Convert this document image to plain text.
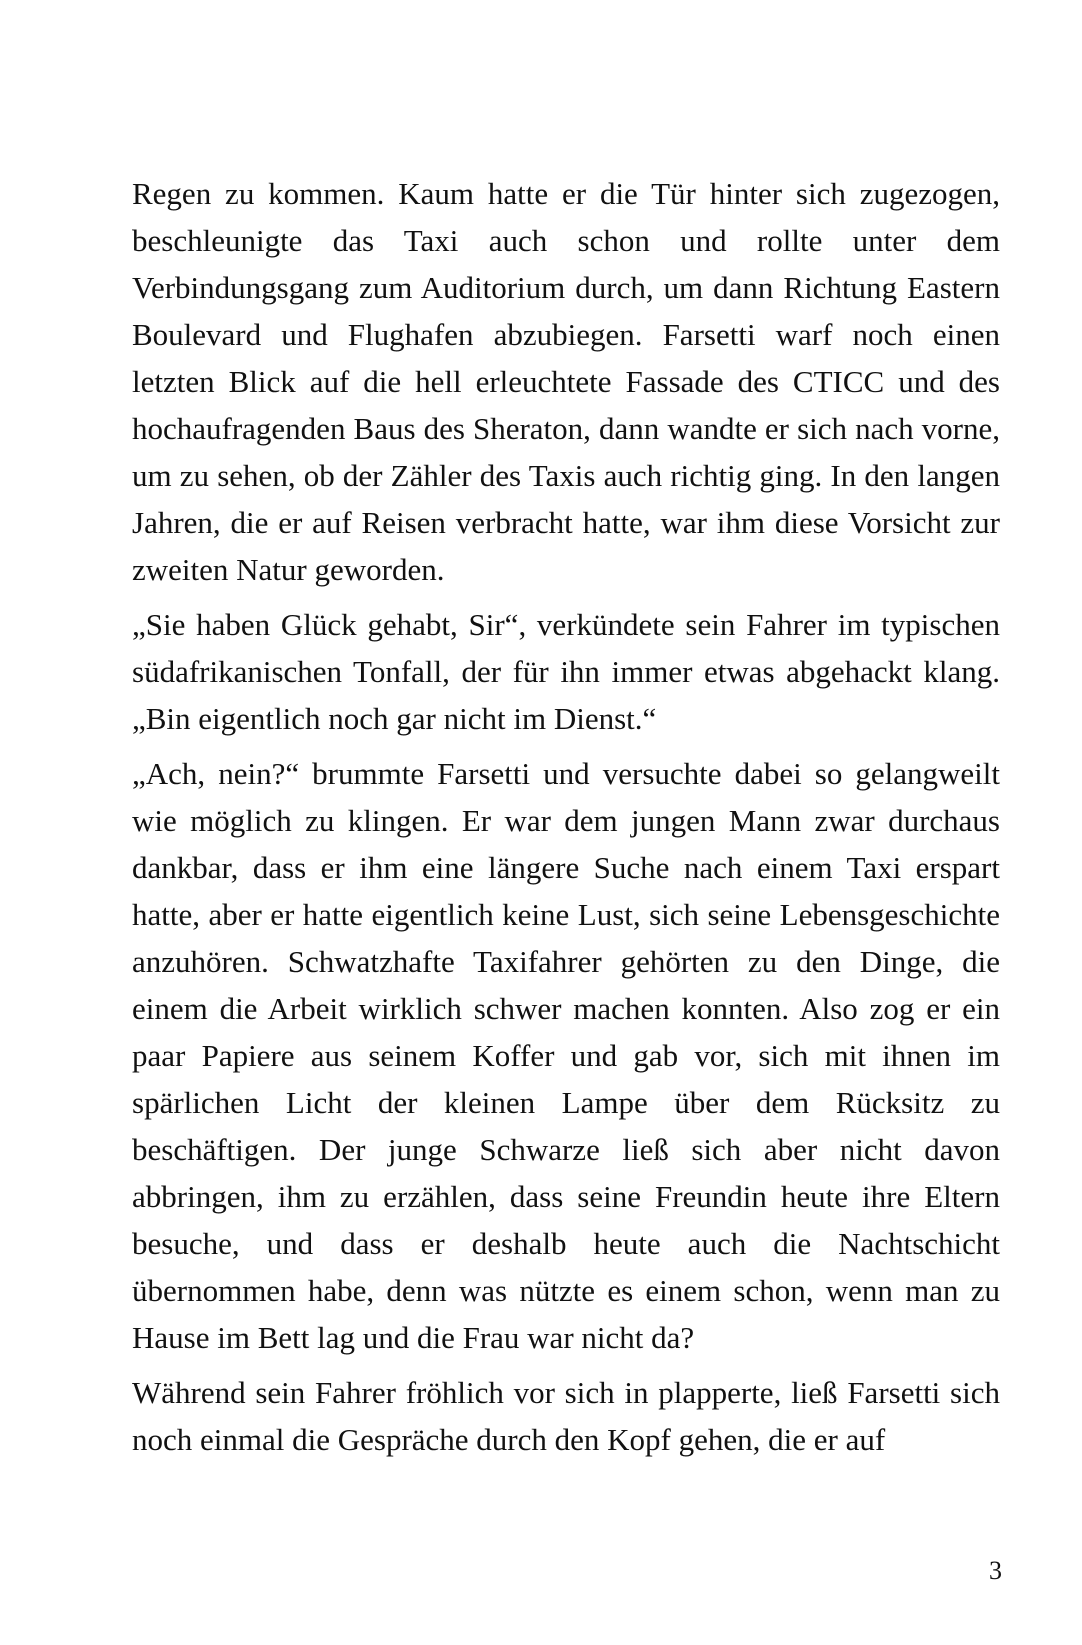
Regen zu kommen. Kaum hatte er die Tür hinter sich zugezogen, beschleunigte das Taxi auch schon und rollte unter dem Verbindungsgang zum Auditorium durch, um dann Richtung Eastern Boulevard und Flughafen abzubiegen. Farsetti warf noch einen letzten Blick auf die hell erleuchtete Fassade des CTICC und des hochaufragenden Baus des Sheraton, dann wandte er sich nach vorne, um zu sehen, ob der Zähler des Taxis auch richtig ging. In den langen Jahren, die er auf Reisen verbracht hatte, war ihm diese Vorsicht zur zweiten Natur geworden.

„Sie haben Glück gehabt, Sir“, verkündete sein Fahrer im typischen südafrikanischen Tonfall, der für ihn immer etwas abgehackt klang. „Bin eigentlich noch gar nicht im Dienst.“

„Ach, nein?“ brummte Farsetti und versuchte dabei so gelangweilt wie möglich zu klingen. Er war dem jungen Mann zwar durchaus dankbar, dass er ihm eine längere Suche nach einem Taxi erspart hatte, aber er hatte eigentlich keine Lust, sich seine Lebensgeschichte anzuhören. Schwatzhafte Taxifahrer gehörten zu den Dinge, die einem die Arbeit wirklich schwer machen konnten. Also zog er ein paar Papiere aus seinem Koffer und gab vor, sich mit ihnen im spärlichen Licht der kleinen Lampe über dem Rücksitz zu beschäftigen. Der junge Schwarze ließ sich aber nicht davon abbringen, ihm zu erzählen, dass seine Freundin heute ihre Eltern besuche, und dass er deshalb heute auch die Nachtschicht übernommen habe, denn was nützte es einem schon, wenn man zu Hause im Bett lag und die Frau war nicht da?

Während sein Fahrer fröhlich vor sich in plapperte, ließ Farsetti sich noch einmal die Gespräche durch den Kopf gehen, die er auf

3
